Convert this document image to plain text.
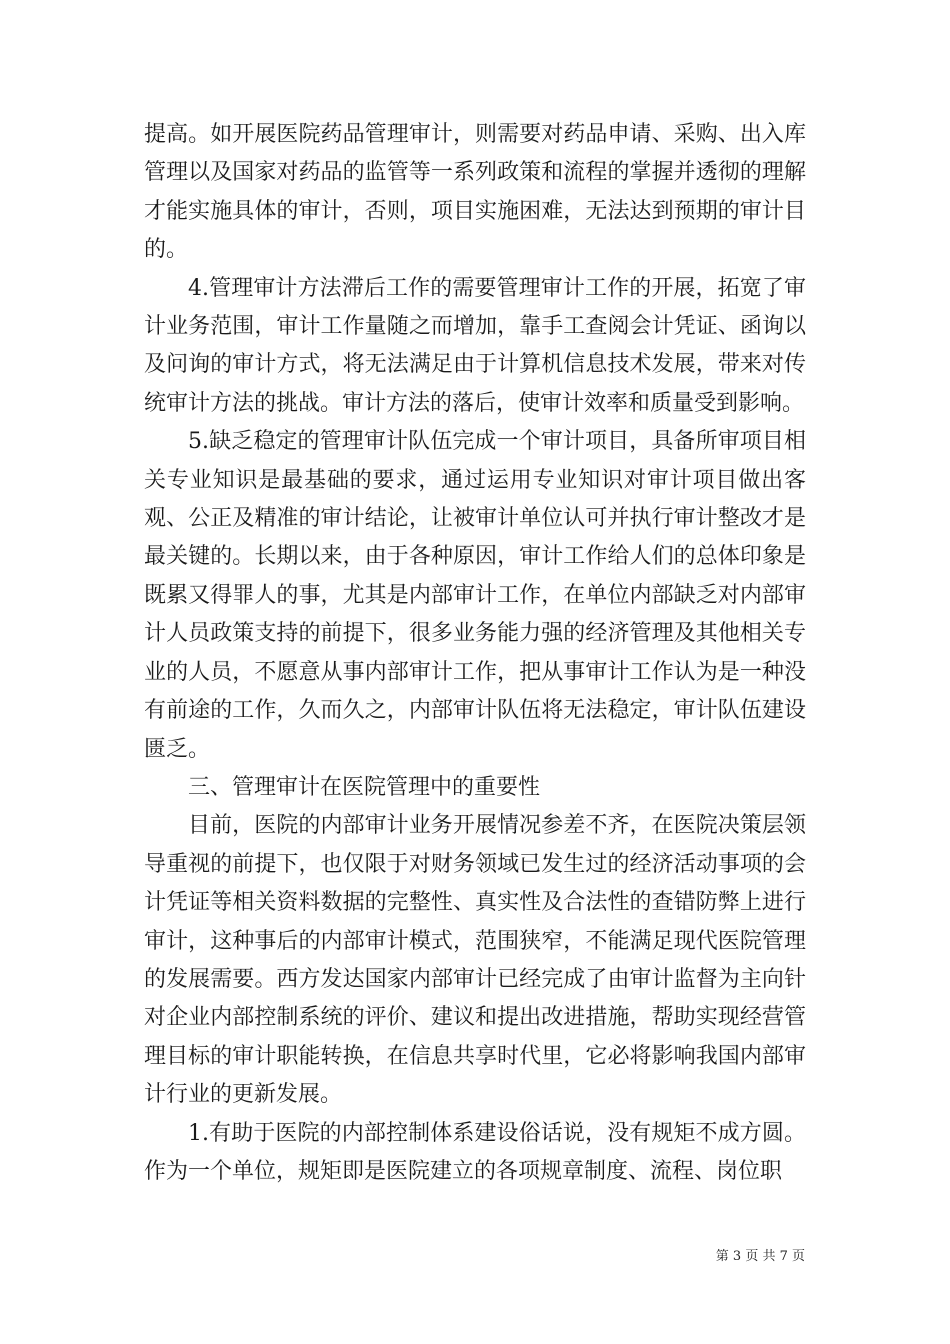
提高。如开展医院药品管理审计，则需要对药品申请、采购、出入库管理以及国家对药品的监管等一系列政策和流程的掌握并透彻的理解才能实施具体的审计，否则，项目实施困难，无法达到预期的审计目的。

4.管理审计方法滞后工作的需要管理审计工作的开展，拓宽了审计业务范围，审计工作量随之而增加，靠手工查阅会计凭证、函询以及问询的审计方式，将无法满足由于计算机信息技术发展，带来对传统审计方法的挑战。审计方法的落后，使审计效率和质量受到影响。

5.缺乏稳定的管理审计队伍完成一个审计项目，具备所审项目相关专业知识是最基础的要求，通过运用专业知识对审计项目做出客观、公正及精准的审计结论，让被审计单位认可并执行审计整改才是最关键的。长期以来，由于各种原因，审计工作给人们的总体印象是既累又得罪人的事，尤其是内部审计工作，在单位内部缺乏对内部审计人员政策支持的前提下，很多业务能力强的经济管理及其他相关专业的人员，不愿意从事内部审计工作，把从事审计工作认为是一种没有前途的工作，久而久之，内部审计队伍将无法稳定，审计队伍建设匮乏。

三、管理审计在医院管理中的重要性

目前，医院的内部审计业务开展情况参差不齐，在医院决策层领导重视的前提下，也仅限于对财务领域已发生过的经济活动事项的会计凭证等相关资料数据的完整性、真实性及合法性的查错防弊上进行审计，这种事后的内部审计模式，范围狭窄，不能满足现代医院管理的发展需要。西方发达国家内部审计已经完成了由审计监督为主向针对企业内部控制系统的评价、建议和提出改进措施，帮助实现经营管理目标的审计职能转换，在信息共享时代里，它必将影响我国内部审计行业的更新发展。

1.有助于医院的内部控制体系建设俗话说，没有规矩不成方圆。作为一个单位，规矩即是医院建立的各项规章制度、流程、岗位职

第 3 页 共 7 页
